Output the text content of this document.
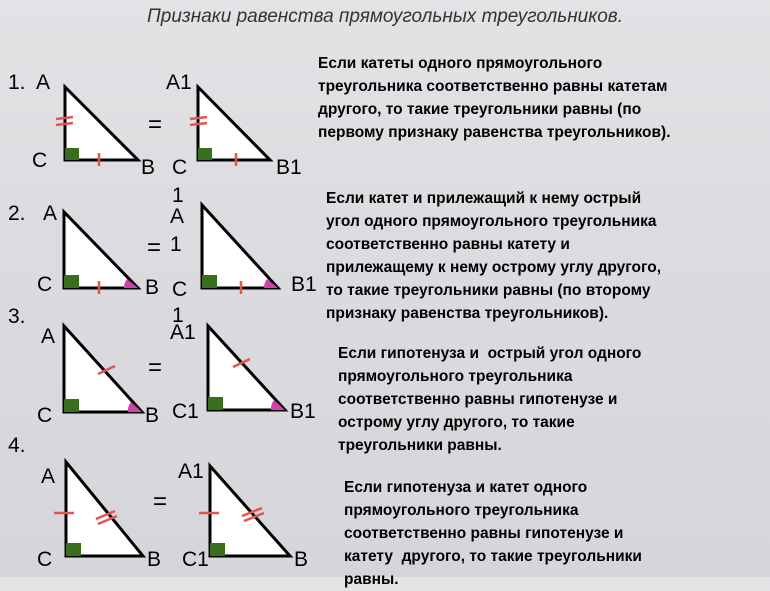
Признаки равенства прямоугольных треугольников.
1. A
C	B
=
A1
C
1
B1
Если катеты одного прямоугольного
треугольника соответственно равны катетам
другого, то такие треугольники равны (по
первому признаку равенства треугольников).
2. A
C	B
=
A
1
C
1
B1
Если катет и прилежащий к нему острый
угол одного прямоугольного треугольника
соответственно равны катету и
прилежащему к нему острому углу другого,
то такие треугольники равны (по второму
признаку равенства треугольников).
3.
A
C	B
=
A1
C1	B1
Если гипотенуза и  острый угол одного
прямоугольного треугольника
соответственно равны гипотенузе и
острому углу другого, то такие
треугольники равны.
4.
A
C	B
=
A1
C1	B
Если гипотенуза и катет одного
прямоугольного треугольника
соответственно равны гипотенузе и
катету  другого, то такие треугольники
равны.
